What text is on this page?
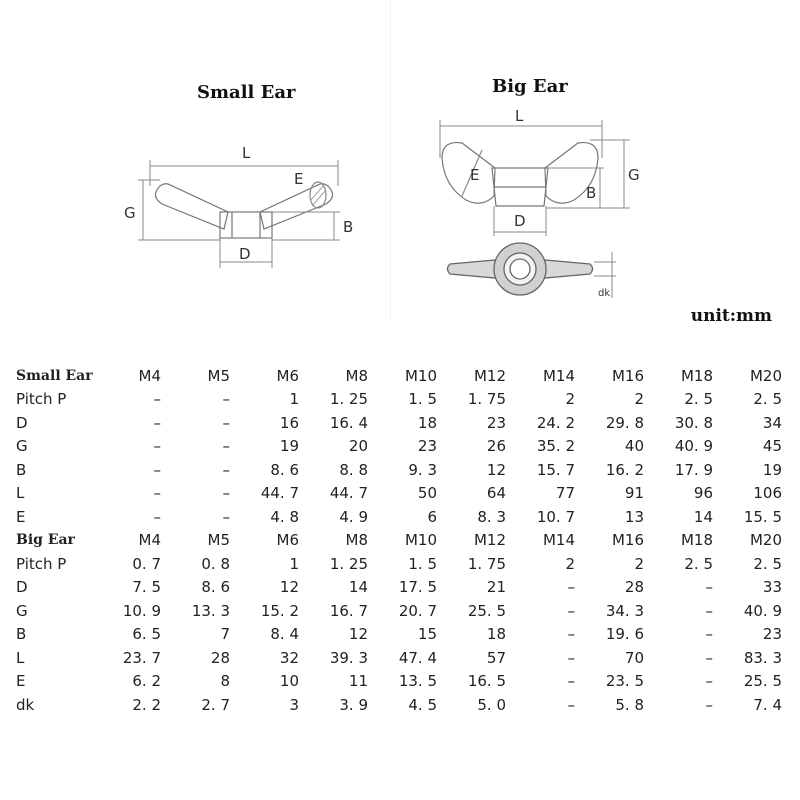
Small Ear
L
G
E
B
D
Big Ear
L
G
E
B
D
dk
unit:mm
Small Ear	M4	M5	M6	M8	M10	M12	M14	M16	M18	M20
Pitch P	–	–	1	1. 25	1. 5	1. 75	2	2	2. 5	2. 5
D	–	–	16	16. 4	18	23	24. 2	29. 8	30. 8	34
G	–	–	19	20	23	26	35. 2	40	40. 9	45
B	–	–	8. 6	8. 8	9. 3	12	15. 7	16. 2	17. 9	19
L	–	–	44. 7	44. 7	50	64	77	91	96	106
E	–	–	4. 8	4. 9	6	8. 3	10. 7	13	14	15. 5
Big Ear	M4	M5	M6	M8	M10	M12	M14	M16	M18	M20
Pitch P	0. 7	0. 8	1	1. 25	1. 5	1. 75	2	2	2. 5	2. 5
D	7. 5	8. 6	12	14	17. 5	21	–	28	–	33
G	10. 9	13. 3	15. 2	16. 7	20. 7	25. 5	–	34. 3	–	40. 9
B	6. 5	7	8. 4	12	15	18	–	19. 6	–	23
L	23. 7	28	32	39. 3	47. 4	57	–	70	–	83. 3
E	6. 2	8	10	11	13. 5	16. 5	–	23. 5	–	25. 5
dk	2. 2	2. 7	3	3. 9	4. 5	5. 0	–	5. 8	–	7. 4
